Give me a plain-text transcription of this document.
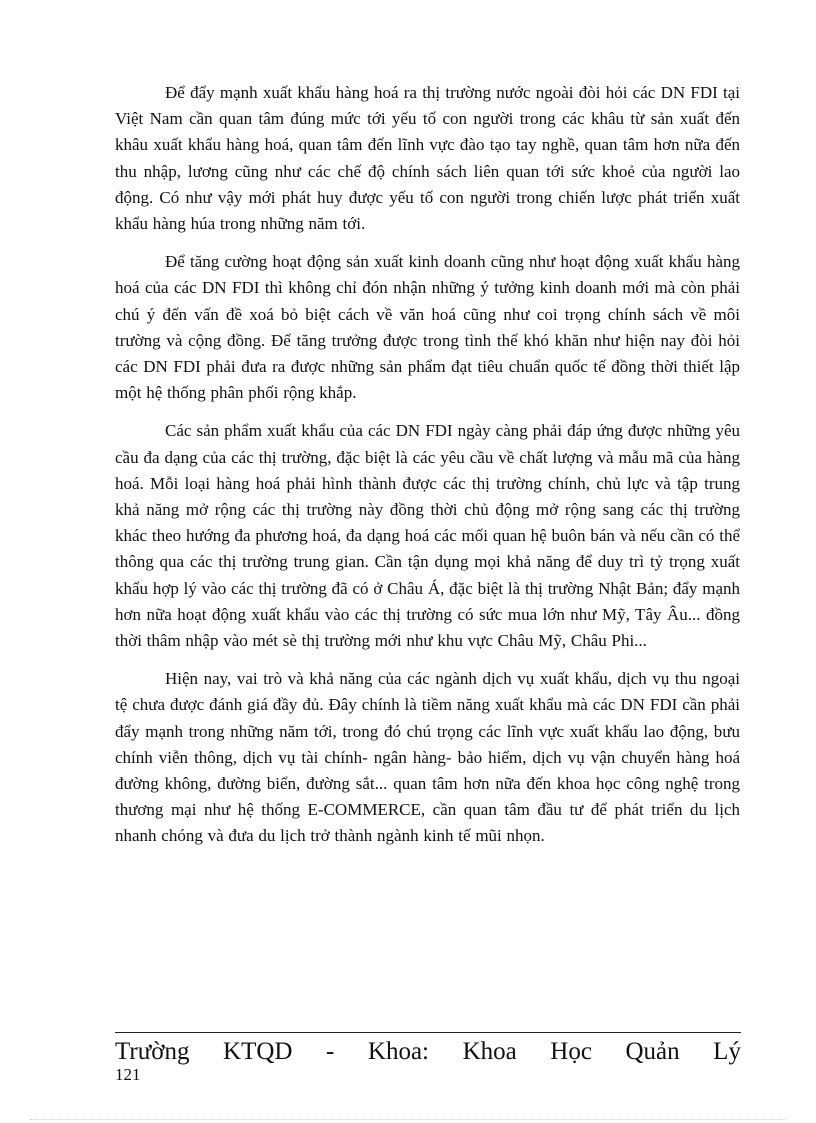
Để đẩy mạnh xuất khẩu hàng hoá ra thị trường nước ngoài đòi hỏi các DN FDI tại Việt Nam cần quan tâm đúng mức tới yếu tố con người trong các khâu từ sản xuất đến khâu xuất khẩu hàng hoá, quan tâm đến lĩnh vực đào tạo tay nghề, quan tâm hơn nữa đến thu nhập, lương cũng như các chế độ chính sách liên quan tới sức khoẻ của người lao động. Có như vậy mới phát huy được yếu tố con người trong chiến lược phát triển xuất khẩu hàng húa trong những năm tới.

Để tăng cường hoạt động sản xuất kinh doanh cũng như hoạt động xuất khẩu hàng hoá của các DN FDI thì không chỉ đón nhận những ý tưởng kinh doanh mới mà còn phải chú ý đến vấn đề xoá bỏ biệt cách về văn hoá cũng như coi trọng chính sách về môi trường và cộng đồng. Để tăng trưởng được trong tình thế khó khăn như hiện nay đòi hỏi các DN FDI phải đưa ra được những sản phẩm đạt tiêu chuẩn quốc tế đồng thời thiết lập một hệ thống phân phối rộng khắp.

Các sản phẩm xuất khẩu của các DN FDI ngày càng phải đáp ứng được những yêu cầu đa dạng của các thị trường, đặc biệt là các yêu cầu về chất lượng và mẫu mã của hàng hoá. Mỗi loại hàng hoá phải hình thành được các thị trường chính, chủ lực và tập trung khả năng mở rộng các thị trường này đồng thời chủ động mở rộng sang các thị trường khác theo hướng đa phương hoá, đa dạng hoá các mối quan hệ buôn bán và nếu cần có thể thông qua các thị trường trung gian. Cần tận dụng mọi khả năng để duy trì tỷ trọng xuất khẩu hợp lý vào các thị trường đã có ở Châu Á, đặc biệt là thị trường Nhật Bản; đẩy mạnh hơn nữa hoạt động xuất khẩu vào các thị trường có sức mua lớn như Mỹ, Tây Âu... đồng thời thâm nhập vào mét sè thị trường mới như khu vực Châu Mỹ, Châu Phi...

Hiện nay, vai trò và khả năng của các ngành dịch vụ xuất khẩu, dịch vụ thu ngoại tệ chưa được đánh giá đầy đủ. Đây chính là tiềm năng xuất khẩu mà các DN FDI cần phải đẩy mạnh trong những năm tới, trong đó chú trọng các lĩnh vực xuất khẩu lao động, bưu chính viễn thông, dịch vụ tài chính- ngân hàng- bảo hiểm, dịch vụ vận chuyển hàng hoá đường không, đường biển, đường sắt... quan tâm hơn nữa đến khoa học công nghệ trong thương mại như hệ thống E-COMMERCE, cần quan tâm đầu tư để phát triển du lịch nhanh chóng và đưa du lịch trở thành ngành kinh tế mũi nhọn.

Trường KTQD - Khoa: Khoa Học Quản Lý
121
